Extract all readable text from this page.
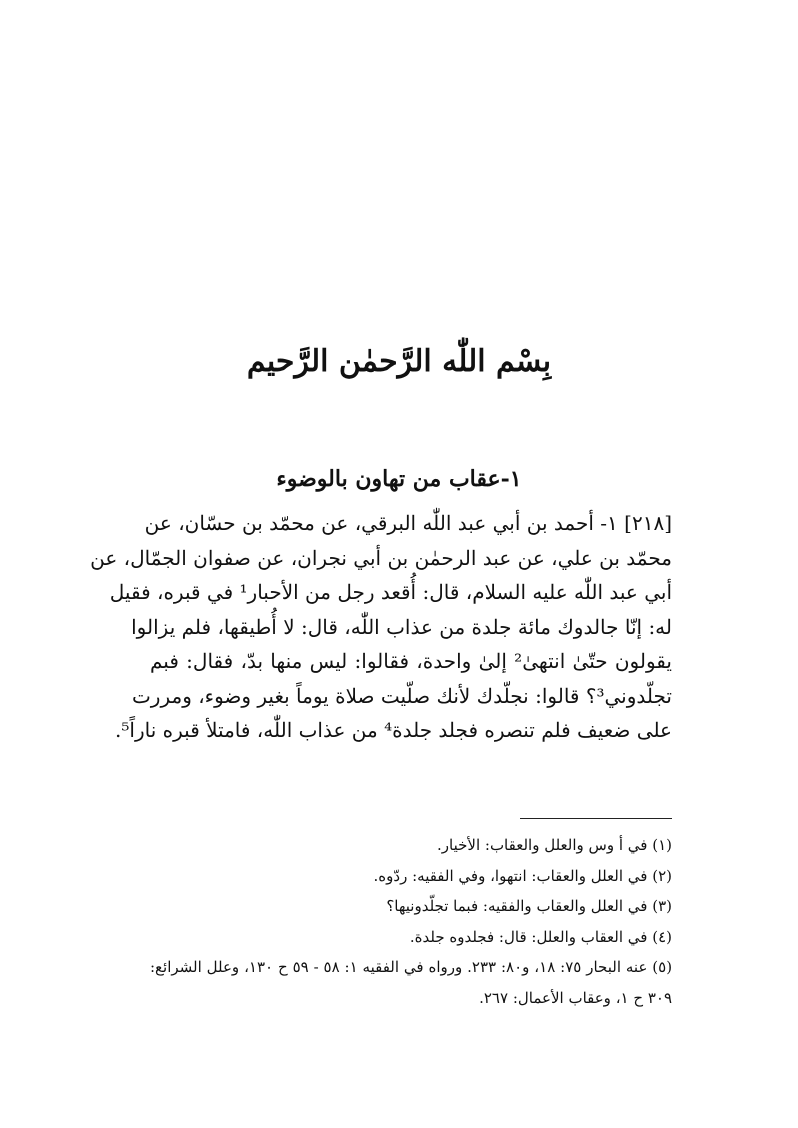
بِسْم اللّٰه الرَّحمٰن الرَّحيم
١-عقاب من تهاون بالوضوء
[٢١٨] ١- أحمد بن أبي عبد اللّٰه البرقي، عن محمّد بن حسّان، عن
محمّد بن علي، عن عبد الرحمٰن بن أبي نجران، عن صفوان الجمّال، عن
أبي عبد اللّٰه عليه السلام، قال: أُقعد رجل من الأحبار¹ في قبره، فقيل
له: إنّا جالدوك مائة جلدة من عذاب اللّٰه، قال: لا أُطيقها، فلم يزالوا
يقولون حتّىٰ انتهىٰ² إلىٰ واحدة، فقالوا: ليس منها بدّ، فقال: فبم
تجلّدوني³؟ قالوا: نجلّدك لأنك صلّيت صلاة يوماً بغير وضوء، ومررت
على ضعيف فلم تنصره فجلد جلدة⁴ من عذاب اللّٰه، فامتلأ قبره ناراً⁵.
(١) في أ وس والعلل والعقاب: الأخيار.
(٢) في العلل والعقاب: انتهوا، وفي الفقيه: ردّوه.
(٣) في العلل والعقاب والفقيه: فبما تجلّدونيها؟
(٤) في العقاب والعلل: قال: فجلدوه جلدة.
(٥) عنه البحار ٧٥: ١٨، و٨٠: ٢٣٣. ورواه في الفقيه ١: ٥٨ - ٥٩ ح ١٣٠، وعلل الشرائع:
٣٠٩ ح ١، وعقاب الأعمال: ٢٦٧.
